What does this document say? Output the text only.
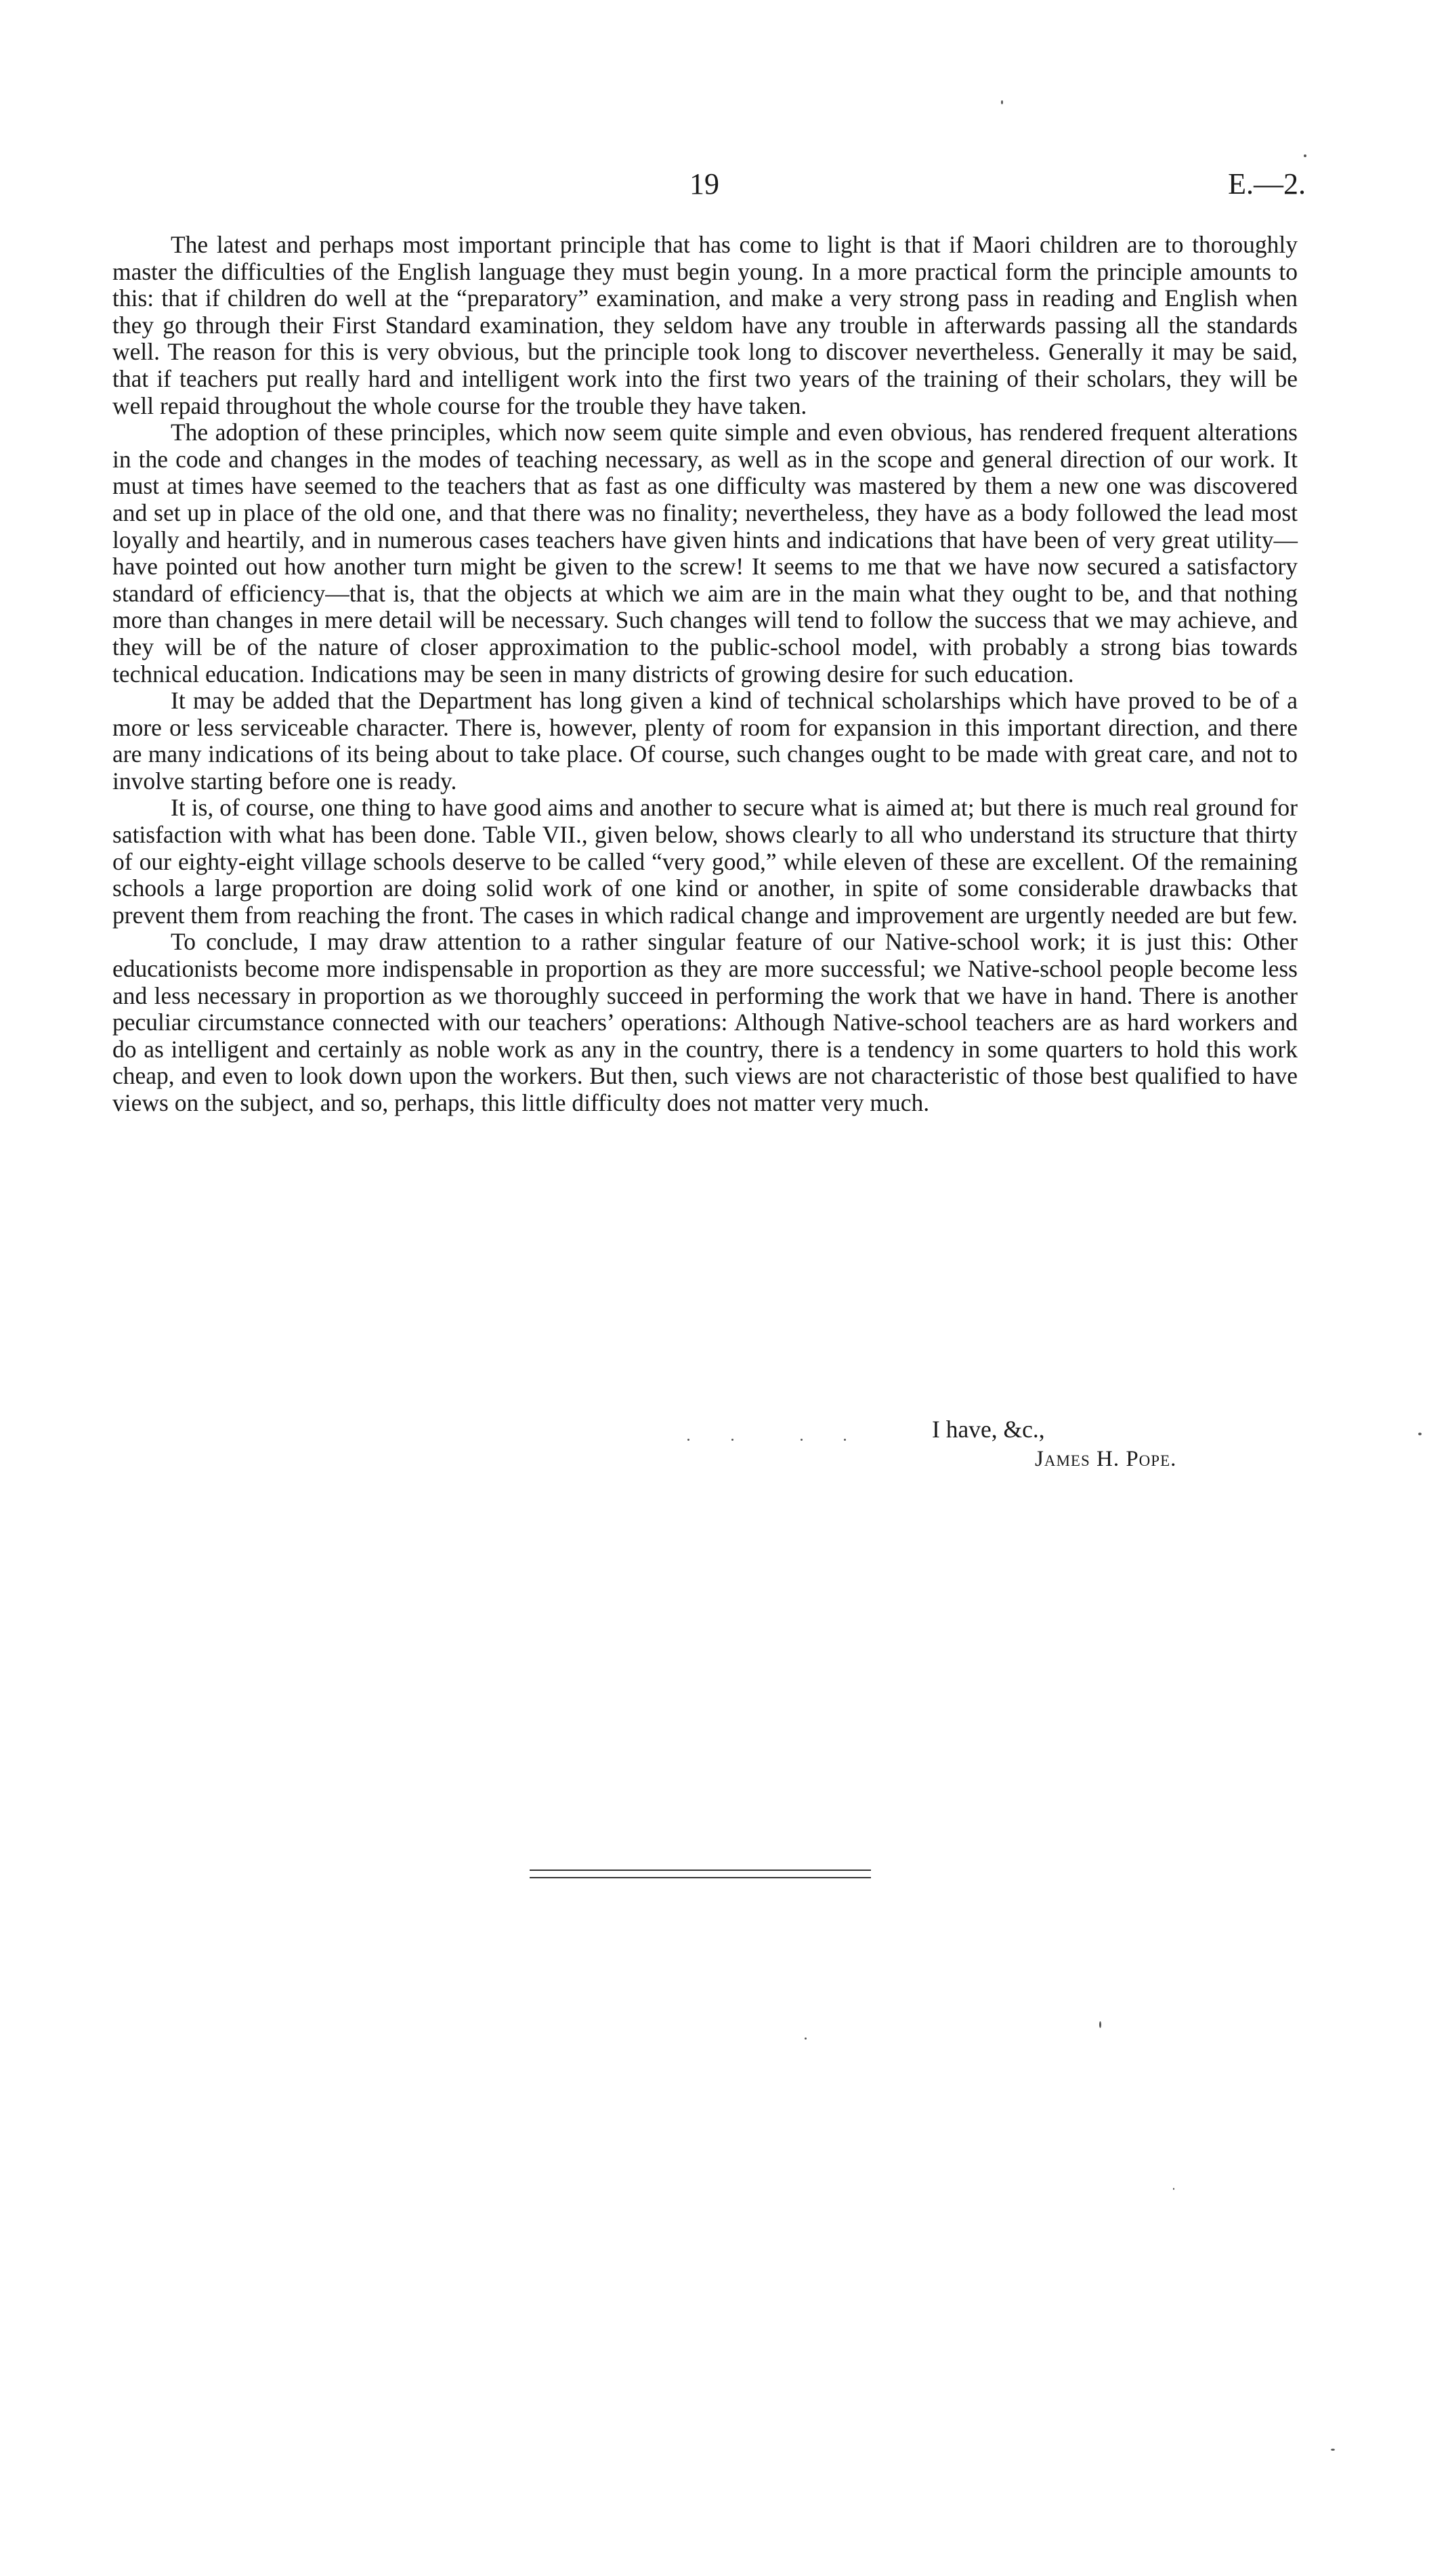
19	E.—2.

The latest and perhaps most important principle that has come to light is that if Maori children are to thoroughly master the difficulties of the English language they must begin young. In a more practical form the principle amounts to this: that if children do well at the “preparatory” examination, and make a very strong pass in reading and English when they go through their First Standard examination, they seldom have any trouble in afterwards passing all the standards well. The reason for this is very obvious, but the principle took long to discover nevertheless. Generally it may be said, that if teachers put really hard and intelligent work into the first two years of the training of their scholars, they will be well repaid throughout the whole course for the trouble they have taken.

The adoption of these principles, which now seem quite simple and even obvious, has rendered frequent alterations in the code and changes in the modes of teaching necessary, as well as in the scope and general direction of our work. It must at times have seemed to the teachers that as fast as one difficulty was mastered by them a new one was discovered and set up in place of the old one, and that there was no finality; nevertheless, they have as a body followed the lead most loyally and heartily, and in numerous cases teachers have given hints and indications that have been of very great utility—have pointed out how another turn might be given to the screw! It seems to me that we have now secured a satisfactory standard of efficiency—that is, that the objects at which we aim are in the main what they ought to be, and that nothing more than changes in mere detail will be necessary. Such changes will tend to follow the success that we may achieve, and they will be of the nature of closer approximation to the public-school model, with probably a strong bias towards technical education. Indications may be seen in many districts of growing desire for such education.

It may be added that the Department has long given a kind of technical scholarships which have proved to be of a more or less serviceable character. There is, however, plenty of room for expansion in this important direction, and there are many indications of its being about to take place. Of course, such changes ought to be made with great care, and not to involve starting before one is ready.

It is, of course, one thing to have good aims and another to secure what is aimed at; but there is much real ground for satisfaction with what has been done. Table VII., given below, shows clearly to all who understand its structure that thirty of our eighty-eight village schools deserve to be called “very good,” while eleven of these are excellent. Of the remaining schools a large proportion are doing solid work of one kind or another, in spite of some considerable drawbacks that prevent them from reaching the front. The cases in which radical change and improvement are urgently needed are but few.

To conclude, I may draw attention to a rather singular feature of our Native-school work; it is just this: Other educationists become more indispensable in proportion as they are more successful; we Native-school people become less and less necessary in proportion as we thoroughly succeed in performing the work that we have in hand. There is another peculiar circumstance connected with our teachers’ operations: Although Native-school teachers are as hard workers and do as intelligent and certainly as noble work as any in the country, there is a tendency in some quarters to hold this work cheap, and even to look down upon the workers. But then, such views are not characteristic of those best qualified to have views on the subject, and so, perhaps, this little difficulty does not matter very much.

I have, &c.,
James H. Pope.
